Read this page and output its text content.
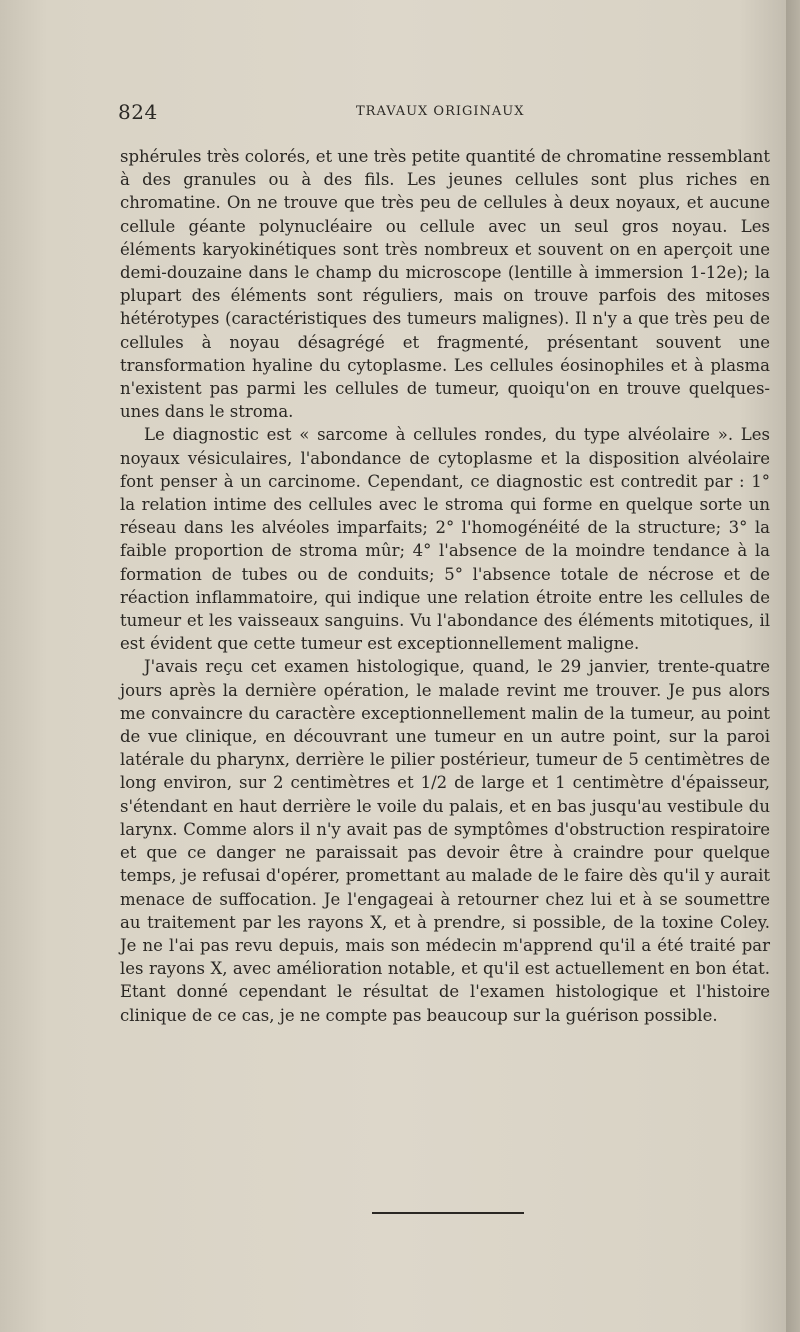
824	TRAVAUX ORIGINAUX

sphérules très colorés, et une très petite quantité de chromatine ressemblant à des granules ou à des fils. Les jeunes cellules sont plus riches en chromatine. On ne trouve que très peu de cellules à deux noyaux, et aucune cellule géante polynucléaire ou cellule avec un seul gros noyau. Les éléments karyokinétiques sont très nombreux et souvent on en aperçoit une demi-douzaine dans le champ du microscope (lentille à immersion 1-12e); la plupart des éléments sont réguliers, mais on trouve parfois des mitoses hétérotypes (caractéristiques des tumeurs malignes). Il n'y a que très peu de cellules à noyau désagrégé et fragmenté, présentant souvent une transformation hyaline du cytoplasme. Les cellules éosinophiles et à plasma n'existent pas parmi les cellules de tumeur, quoiqu'on en trouve quelques-unes dans le stroma.

Le diagnostic est « sarcome à cellules rondes, du type alvéolaire ». Les noyaux vésiculaires, l'abondance de cytoplasme et la disposition alvéolaire font penser à un carcinome. Cependant, ce diagnostic est contredit par : 1° la relation intime des cellules avec le stroma qui forme en quelque sorte un réseau dans les alvéoles imparfaits; 2° l'homogénéité de la structure; 3° la faible proportion de stroma mûr; 4° l'absence de la moindre tendance à la formation de tubes ou de conduits; 5° l'absence totale de nécrose et de réaction inflammatoire, qui indique une relation étroite entre les cellules de tumeur et les vaisseaux sanguins. Vu l'abondance des éléments mitotiques, il est évident que cette tumeur est exceptionnellement maligne.

J'avais reçu cet examen histologique, quand, le 29 janvier, trente-quatre jours après la dernière opération, le malade revint me trouver. Je pus alors me convaincre du caractère exceptionnellement malin de la tumeur, au point de vue clinique, en découvrant une tumeur en un autre point, sur la paroi latérale du pharynx, derrière le pilier postérieur, tumeur de 5 centimètres de long environ, sur 2 centimètres et 1/2 de large et 1 centimètre d'épaisseur, s'étendant en haut derrière le voile du palais, et en bas jusqu'au vestibule du larynx. Comme alors il n'y avait pas de symptômes d'obstruction respiratoire et que ce danger ne paraissait pas devoir être à craindre pour quelque temps, je refusai d'opérer, promettant au malade de le faire dès qu'il y aurait menace de suffocation. Je l'engageai à retourner chez lui et à se soumettre au traitement par les rayons X, et à prendre, si possible, de la toxine Coley. Je ne l'ai pas revu depuis, mais son médecin m'apprend qu'il a été traité par les rayons X, avec amélioration notable, et qu'il est actuellement en bon état. Etant donné cependant le résultat de l'examen histologique et l'histoire clinique de ce cas, je ne compte pas beaucoup sur la guérison possible.
